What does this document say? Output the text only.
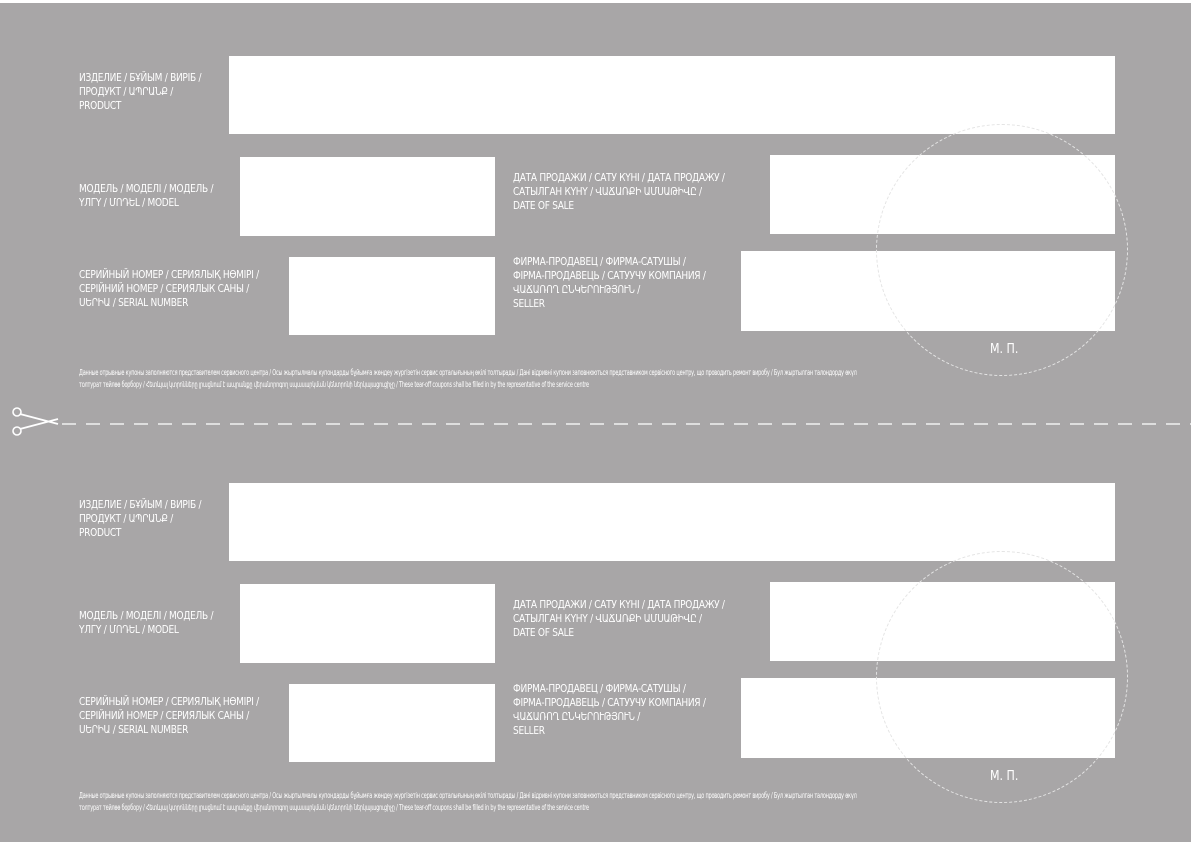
ИЗДЕЛИЕ / БҰЙЫМ / ВИРІБ /
ПРОДУКТ / ԱՊՐԱՆՔ /
PRODUCT
МОДЕЛЬ / МОДЕЛІ / МОДЕЛЬ /
ҮЛГҮ / ՄՈԴԵԼ / MODEL
ДАТА ПРОДАЖИ / САТУ КҮНІ / ДАТА ПРОДАЖУ /
САТЫЛГАН КҮНҮ / ՎԱՃԱՌՔԻ ԱՄՍԱԹԻՎԸ /
DATE OF SALE
СЕРИЙНЫЙ НОМЕР / СЕРИЯЛЫҚ НӨМІРІ /
СЕРІЙНИЙ НОМЕР / СЕРИЯЛЫК САНЫ /
ՍԵՐԻԱ / SERIAL NUMBER
ФИРМА-ПРОДАВЕЦ / ФИРМА-САТУШЫ /
ФІРМА-ПРОДАВЕЦЬ / САТУУЧУ КОМПАНИЯ /
ՎԱՃԱՌՈՂ ԸՆԿԵՐՈՒԹՅՈՒՆ /
SELLER
М. П.
Данные отрывные купоны заполняются представителем сервисного центра / Осы жыртылмалы купондарды бұйымға жөндеу жүргізетін сервис орталығының өкілі толтырады / Дані відривні купони заповнюються представником сервісного центру, що проводить ремонт виробу / Бул жыртылган талондорду өкүл
толтурат тейлөө борбору / Հետևյալ կտրոնները լրացնում է ապրանքը վերանորոգող սպասարկման կենտրոնի ներկայացուցիչը / These tear-off coupons shall be filled in by the representative of the service centre
ИЗДЕЛИЕ / БҰЙЫМ / ВИРІБ /
ПРОДУКТ / ԱՊՐԱՆՔ /
PRODUCT
МОДЕЛЬ / МОДЕЛІ / МОДЕЛЬ /
ҮЛГҮ / ՄՈԴԵԼ / MODEL
ДАТА ПРОДАЖИ / САТУ КҮНІ / ДАТА ПРОДАЖУ /
САТЫЛГАН КҮНҮ / ՎԱՃԱՌՔԻ ԱՄՍԱԹԻՎԸ /
DATE OF SALE
СЕРИЙНЫЙ НОМЕР / СЕРИЯЛЫҚ НӨМІРІ /
СЕРІЙНИЙ НОМЕР / СЕРИЯЛЫК САНЫ /
ՍԵՐԻԱ / SERIAL NUMBER
ФИРМА-ПРОДАВЕЦ / ФИРМА-САТУШЫ /
ФІРМА-ПРОДАВЕЦЬ / САТУУЧУ КОМПАНИЯ /
ՎԱՃԱՌՈՂ ԸՆԿԵՐՈՒԹՅՈՒՆ /
SELLER
М. П.
Данные отрывные купоны заполняются представителем сервисного центра / Осы жыртылмалы купондарды бұйымға жөндеу жүргізетін сервис орталығының өкілі толтырады / Дані відривні купони заповнюються представником сервісного центру, що проводить ремонт виробу / Бул жыртылган талондорду өкүл
толтурат тейлөө борбору / Հետևյալ կտրոնները լրացնում է ապրանքը վերանորոգող սպասարկման կենտրոնի ներկայացուցիչը / These tear-off coupons shall be filled in by the representative of the service centre
